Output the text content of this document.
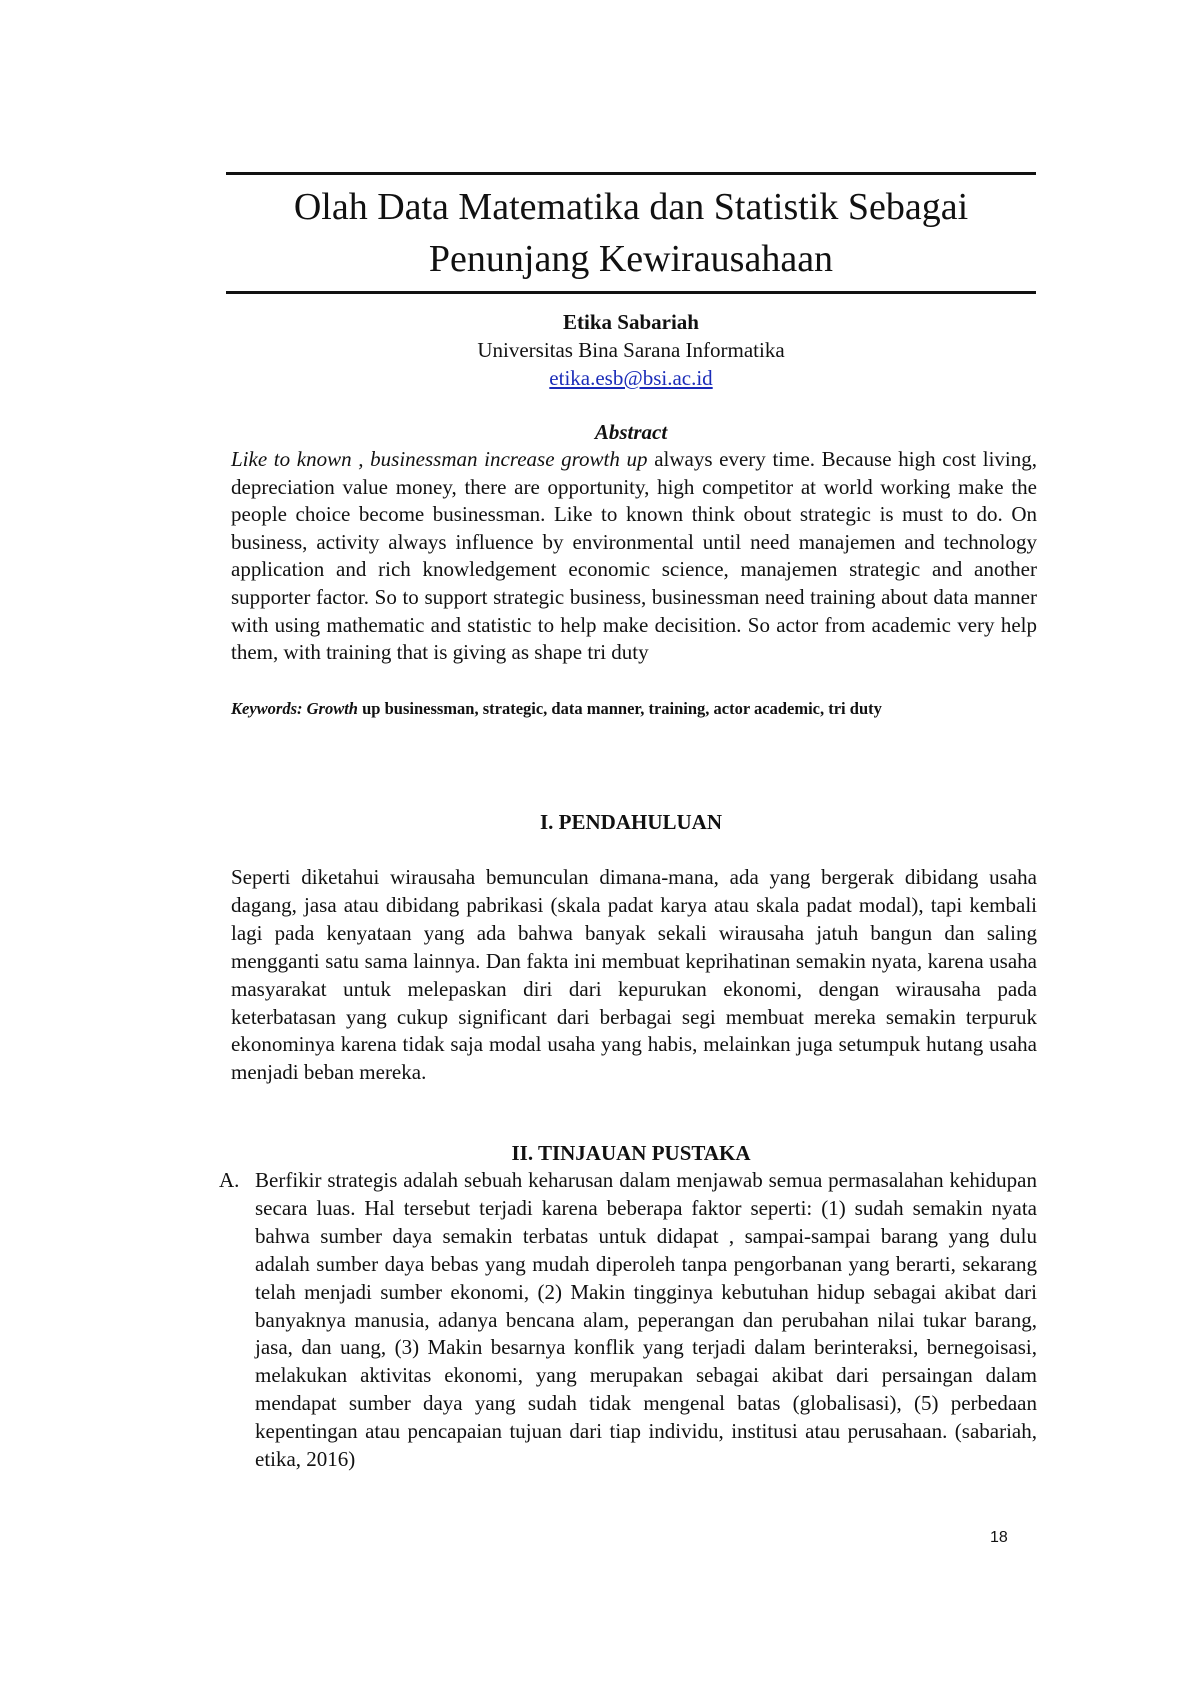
Olah Data Matematika dan Statistik Sebagai
Penunjang Kewirausahaan
Etika Sabariah
Universitas Bina Sarana Informatika
etika.esb@bsi.ac.id
Abstract
Like to known , businessman increase growth up always every time. Because high cost living, depreciation value money, there are opportunity, high competitor at world working make the people choice become businessman. Like to known think obout strategic is must to do. On business, activity always influence by environmental until need manajemen and technology application and rich knowledgement economic science, manajemen strategic and another supporter factor. So to support strategic business, businessman need training about data manner with using mathematic and statistic to help make decisition. So actor from academic very help them, with training that is giving as shape tri duty
Keywords: Growth up businessman, strategic, data manner, training, actor academic, tri duty
I. PENDAHULUAN
Seperti diketahui wirausaha bemunculan dimana-mana, ada yang bergerak dibidang usaha dagang, jasa atau dibidang pabrikasi (skala padat karya atau skala padat modal), tapi kembali lagi pada kenyataan yang ada bahwa banyak sekali wirausaha jatuh bangun dan saling mengganti satu sama lainnya. Dan fakta ini membuat keprihatinan semakin nyata, karena usaha masyarakat untuk melepaskan diri dari kepurukan ekonomi, dengan wirausaha pada keterbatasan yang cukup significant dari berbagai segi membuat mereka semakin terpuruk ekonominya karena tidak saja modal usaha yang habis, melainkan juga setumpuk hutang usaha menjadi beban mereka.
II. TINJAUAN PUSTAKA
A. Berfikir strategis adalah sebuah keharusan dalam menjawab semua permasalahan kehidupan secara luas. Hal tersebut terjadi karena beberapa faktor seperti: (1) sudah semakin nyata bahwa sumber daya semakin terbatas untuk didapat , sampai-sampai barang yang dulu adalah sumber daya bebas yang mudah diperoleh tanpa pengorbanan yang berarti, sekarang telah menjadi sumber ekonomi, (2) Makin tingginya kebutuhan hidup sebagai akibat dari banyaknya manusia, adanya bencana alam, peperangan dan perubahan nilai tukar barang, jasa, dan uang, (3) Makin besarnya konflik yang terjadi dalam berinteraksi, bernegoisasi, melakukan aktivitas ekonomi, yang merupakan sebagai akibat dari persaingan dalam mendapat sumber daya yang sudah tidak mengenal batas (globalisasi), (5) perbedaan kepentingan atau pencapaian tujuan dari tiap individu, institusi atau perusahaan. (sabariah, etika, 2016)
18
